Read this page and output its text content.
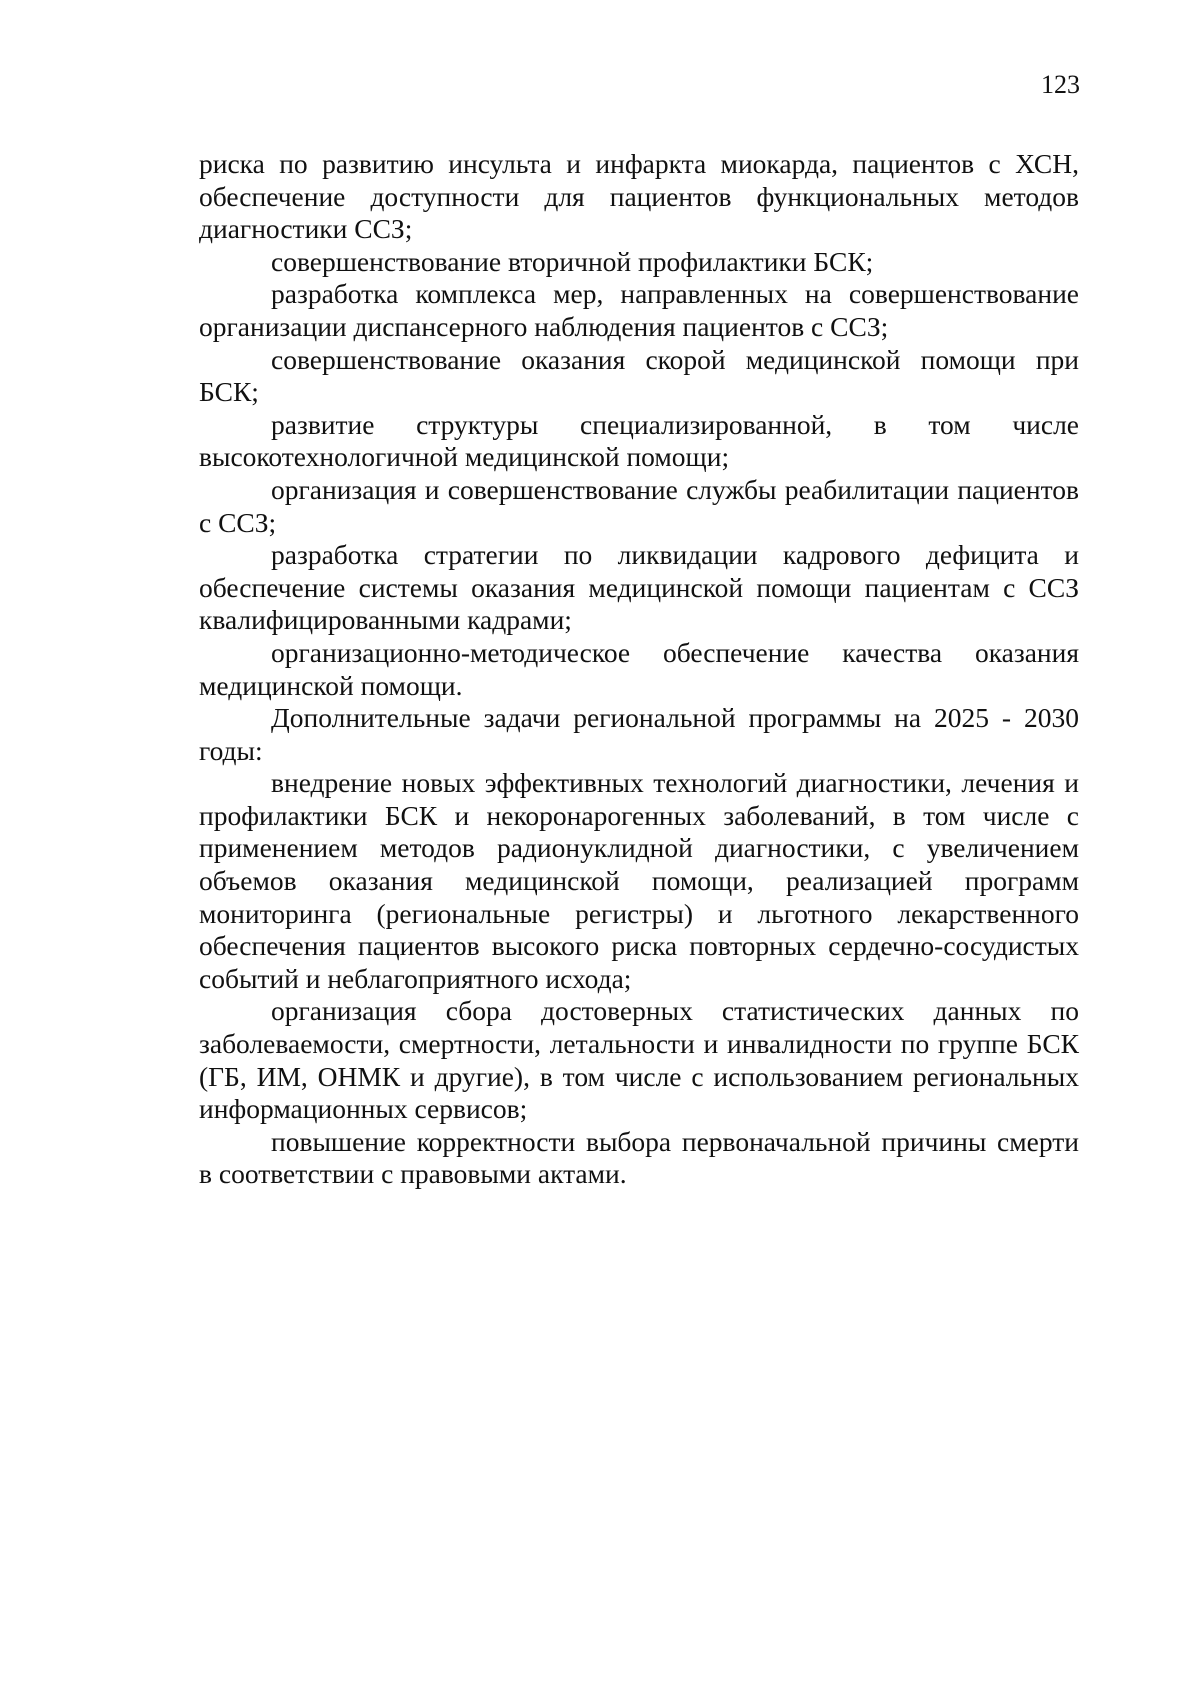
123

риска по развитию инсульта и инфаркта миокарда, пациентов с ХСН, обеспечение доступности для пациентов функциональных методов диагностики ССЗ;

совершенствование вторичной профилактики БСК;

разработка комплекса мер, направленных на совершенствование организации диспансерного наблюдения пациентов с ССЗ;

совершенствование оказания скорой медицинской помощи при БСК;

развитие структуры специализированной, в том числе высокотехнологичной медицинской помощи;

организация и совершенствование службы реабилитации пациентов с ССЗ;

разработка стратегии по ликвидации кадрового дефицита и обеспечение системы оказания медицинской помощи пациентам с ССЗ квалифицированными кадрами;

организационно-методическое обеспечение качества оказания медицинской помощи.

Дополнительные задачи региональной программы на 2025 - 2030 годы:

внедрение новых эффективных технологий диагностики, лечения и профилактики БСК и некоронарогенных заболеваний, в том числе с применением методов радионуклидной диагностики, с увеличением объемов оказания медицинской помощи, реализацией программ мониторинга (региональные регистры) и льготного лекарственного обеспечения пациентов высокого риска повторных сердечно-сосудистых событий и неблагоприятного исхода;

организация сбора достоверных статистических данных по заболеваемости, смертности, летальности и инвалидности по группе БСК (ГБ, ИМ, ОНМК и другие), в том числе с использованием региональных информационных сервисов;

повышение корректности выбора первоначальной причины смерти в соответствии с правовыми актами.
